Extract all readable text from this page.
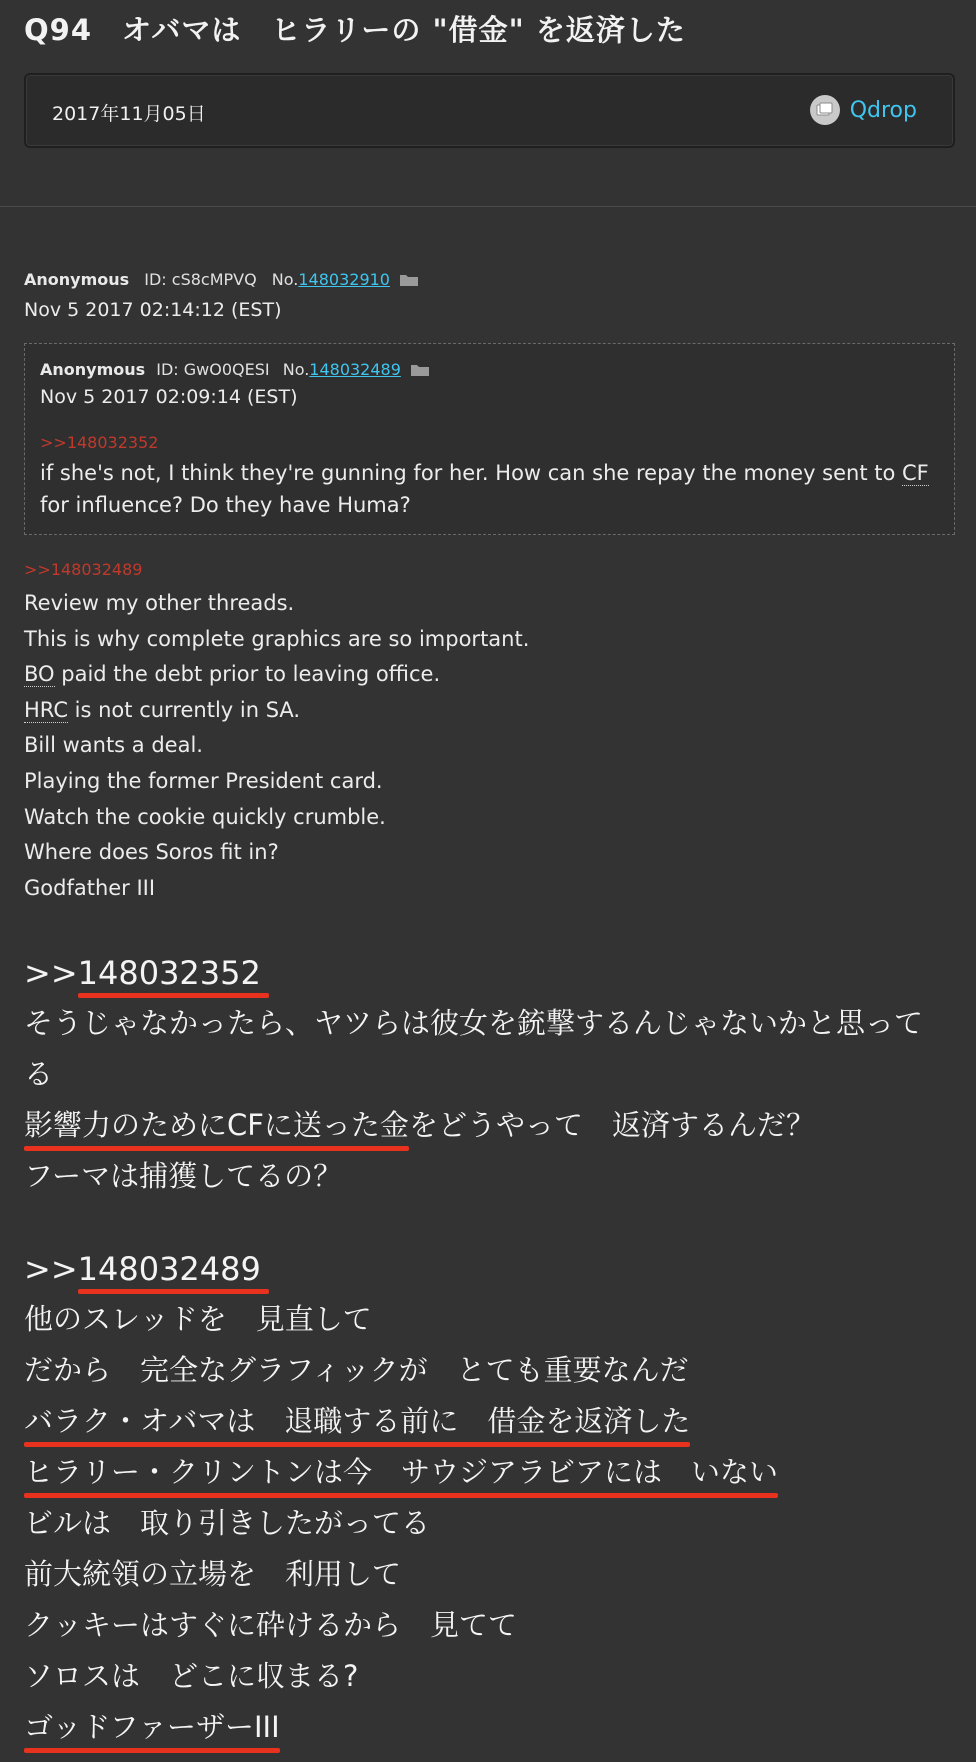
Q94　オバマは　ヒラリーの "借金" を返済した
2017年11月05日	Qdrop
Anonymous ID: cS8cMPVQ No.148032910
Nov 5 2017 02:14:12 (EST)
Anonymous ID: GwO0QESI No.148032489
Nov 5 2017 02:09:14 (EST)
>>148032352
if she's not, I think they're gunning for her. How can she repay the money sent to CF
for influence? Do they have Huma?
>>148032489
Review my other threads.
This is why complete graphics are so important.
BO paid the debt prior to leaving office.
HRC is not currently in SA.
Bill wants a deal.
Playing the former President card.
Watch the cookie quickly crumble.
Where does Soros fit in?
Godfather III
>>148032352
そうじゃなかったら、ヤツらは彼女を銃撃するんじゃないかと思って
る
影響力のためにCFに送った金をどうやって　返済するんだ？
フーマは捕獲してるの？
>>148032489
他のスレッドを　見直して
だから　完全なグラフィックが　とても重要なんだ
バラク・オバマは　退職する前に　借金を返済した
ヒラリー・クリントンは今　サウジアラビアには　いない
ビルは　取り引きしたがってる
前大統領の立場を　利用して
クッキーはすぐに砕けるから　見てて
ソロスは　どこに収まる?
ゴッドファーザーIII
